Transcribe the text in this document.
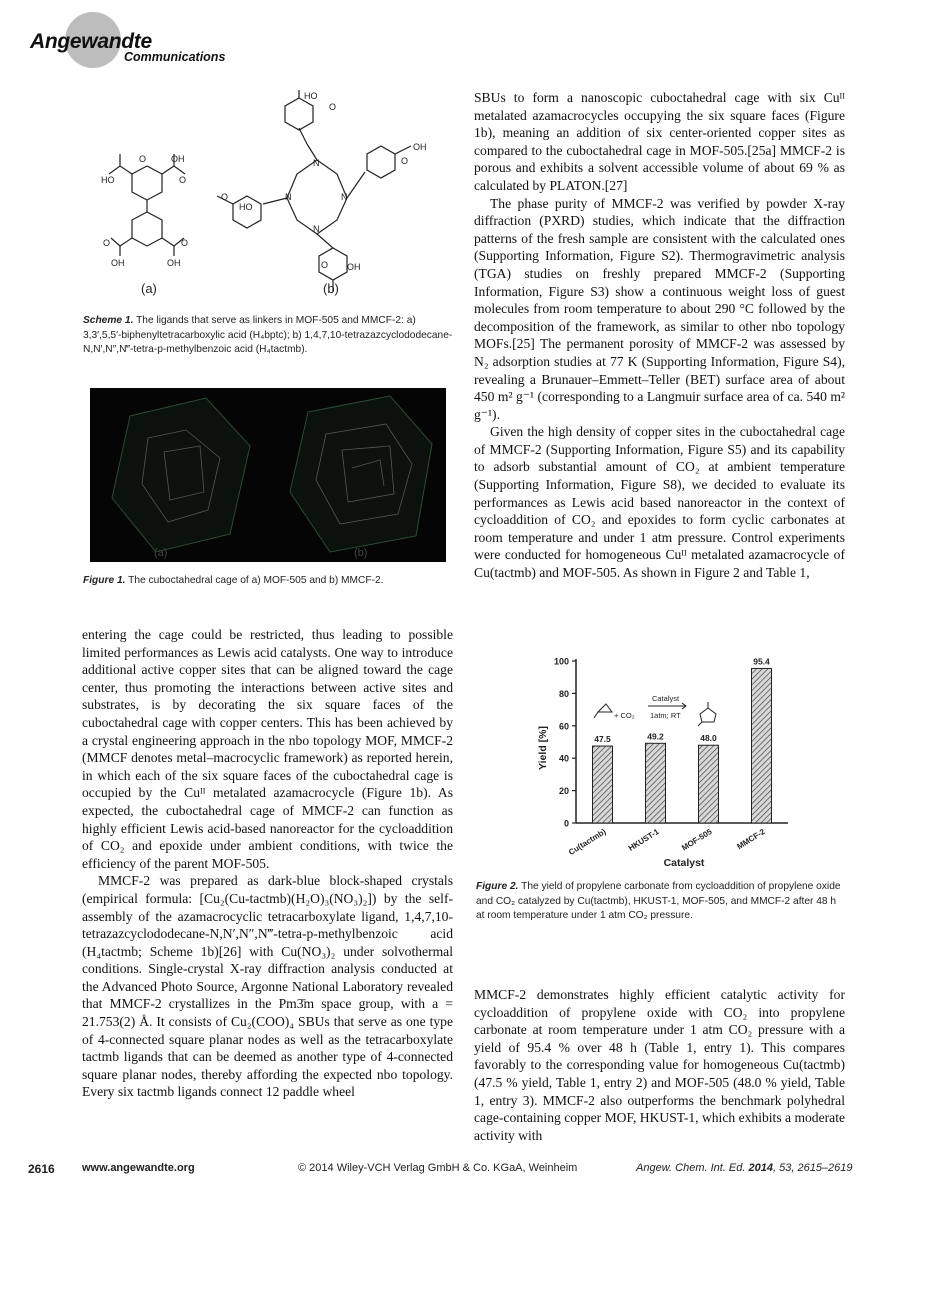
Angewandte
Communications
O
HO
OH
O
O
OH
O
OH
HO
O
OH
O
HO
O
O OH
N
N
N
N
(a)	(b)
Scheme 1. The ligands that serve as linkers in MOF-505 and MMCF-2: a) 3,3′,5,5′-biphenyltetracarboxylic acid (H₄bptc); b) 1,4,7,10-tetrazazcyclododecane-N,N′,N″,N‴-tetra-p-methylbenzoic acid (H₄tactmb).
(a)	(b)
Figure 1. The cuboctahedral cage of a) MOF-505 and b) MMCF-2.

entering the cage could be restricted, thus leading to possible limited performances as Lewis acid catalysts. One way to introduce additional active copper sites that can be aligned toward the cage center, thus promoting the interactions between active sites and substrates, is by decorating the six square faces of the cuboctahedral cage with copper centers. This has been achieved by a crystal engineering approach in the nbo topology MOF, MMCF-2 (MMCF denotes metal–macrocyclic framework) as reported herein, in which each of the six square faces of the cuboctahedral cage is occupied by the Cuᴵᴵ metalated azamacrocycle (Figure 1b). As expected, the cuboctahedral cage of MMCF-2 can function as highly efficient Lewis acid-based nanoreactor for the cycloaddition of CO₂ and epoxide under ambient conditions, with twice the efficiency of the parent MOF-505.

MMCF-2 was prepared as dark-blue block-shaped crystals (empirical formula: [Cu₂(Cu-tactmb)(H₂O)₃(NO₃)₂]) by the self-assembly of the azamacrocyclic tetracarboxylate ligand, 1,4,7,10-tetrazazcyclododecane-N,N′,N″,N‴-tetra-p-methylbenzoic acid (H₄tactmb; Scheme 1b)[26] with Cu(NO₃)₂ under solvothermal conditions. Single-crystal X-ray diffraction analysis conducted at the Advanced Photo Source, Argonne National Laboratory revealed that MMCF-2 crystallizes in the Pm3̄m space group, with a = 21.753(2) Å. It consists of Cu₂(COO)₄ SBUs that serve as one type of 4-connected square planar nodes as well as the tetracarboxylate tactmb ligands that can be deemed as another type of 4-connected square planar nodes, thereby affording the expected nbo topology. Every six tactmb ligands connect 12 paddle wheel

SBUs to form a nanoscopic cuboctahedral cage with six Cuᴵᴵ metalated azamacrocycles occupying the six square faces (Figure 1b), meaning an addition of six center-oriented copper sites as compared to the cuboctahedral cage in MOF-505.[25a] MMCF-2 is porous and exhibits a solvent accessible volume of about 69 % as calculated by PLATON.[27]

The phase purity of MMCF-2 was verified by powder X-ray diffraction (PXRD) studies, which indicate that the diffraction patterns of the fresh sample are consistent with the calculated ones (Supporting Information, Figure S2). Thermogravimetric analysis (TGA) studies on freshly prepared MMCF-2 (Supporting Information, Figure S3) show a continuous weight loss of guest molecules from room temperature to about 290 °C followed by the decomposition of the framework, as similar to other nbo topology MOFs.[25] The permanent porosity of MMCF-2 was assessed by N₂ adsorption studies at 77 K (Supporting Information, Figure S4), revealing a Brunauer–Emmett–Teller (BET) surface area of about 450 m² g⁻¹ (corresponding to a Langmuir surface area of ca. 540 m² g⁻¹).

Given the high density of copper sites in the cuboctahedral cage of MMCF-2 (Supporting Information, Figure S5) and its capability to adsorb substantial amount of CO₂ at ambient temperature (Supporting Information, Figure S8), we decided to evaluate its performances as Lewis acid based nanoreactor in the context of cycloaddition of CO₂ and epoxides to form cyclic carbonates at room temperature and under 1 atm pressure. Control experiments were conducted for homogeneous Cuᴵᴵ metalated azamacrocycle of Cu(tactmb) and MOF-505. As shown in Figure 2 and Table 1,

0
20
40
60
80
100
47.5
Cu(tactmb)
49.2
HKUST-1
48.0
MOF-505
95.4
MMCF-2
Catalyst
Yield [%]
+ CO₂
Catalyst
1atm; RT
Figure 2. The yield of propylene carbonate from cycloaddition of propylene oxide and CO₂ catalyzed by Cu(tactmb), HKUST-1, MOF-505, and MMCF-2 after 48 h at room temperature under 1 atm CO₂ pressure.

MMCF-2 demonstrates highly efficient catalytic activity for cycloaddition of propylene oxide with CO₂ into propylene carbonate at room temperature under 1 atm CO₂ pressure with a yield of 95.4 % over 48 h (Table 1, entry 1). This compares favorably to the corresponding value for homogeneous Cu(tactmb) (47.5 % yield, Table 1, entry 2) and MOF-505 (48.0 % yield, Table 1, entry 3). MMCF-2 also outperforms the benchmark polyhedral cage-containing copper MOF, HKUST-1, which exhibits a moderate activity with

2616 www.angewandte.org	© 2014 Wiley-VCH Verlag GmbH & Co. KGaA, Weinheim	Angew. Chem. Int. Ed. 2014, 53, 2615–2619
